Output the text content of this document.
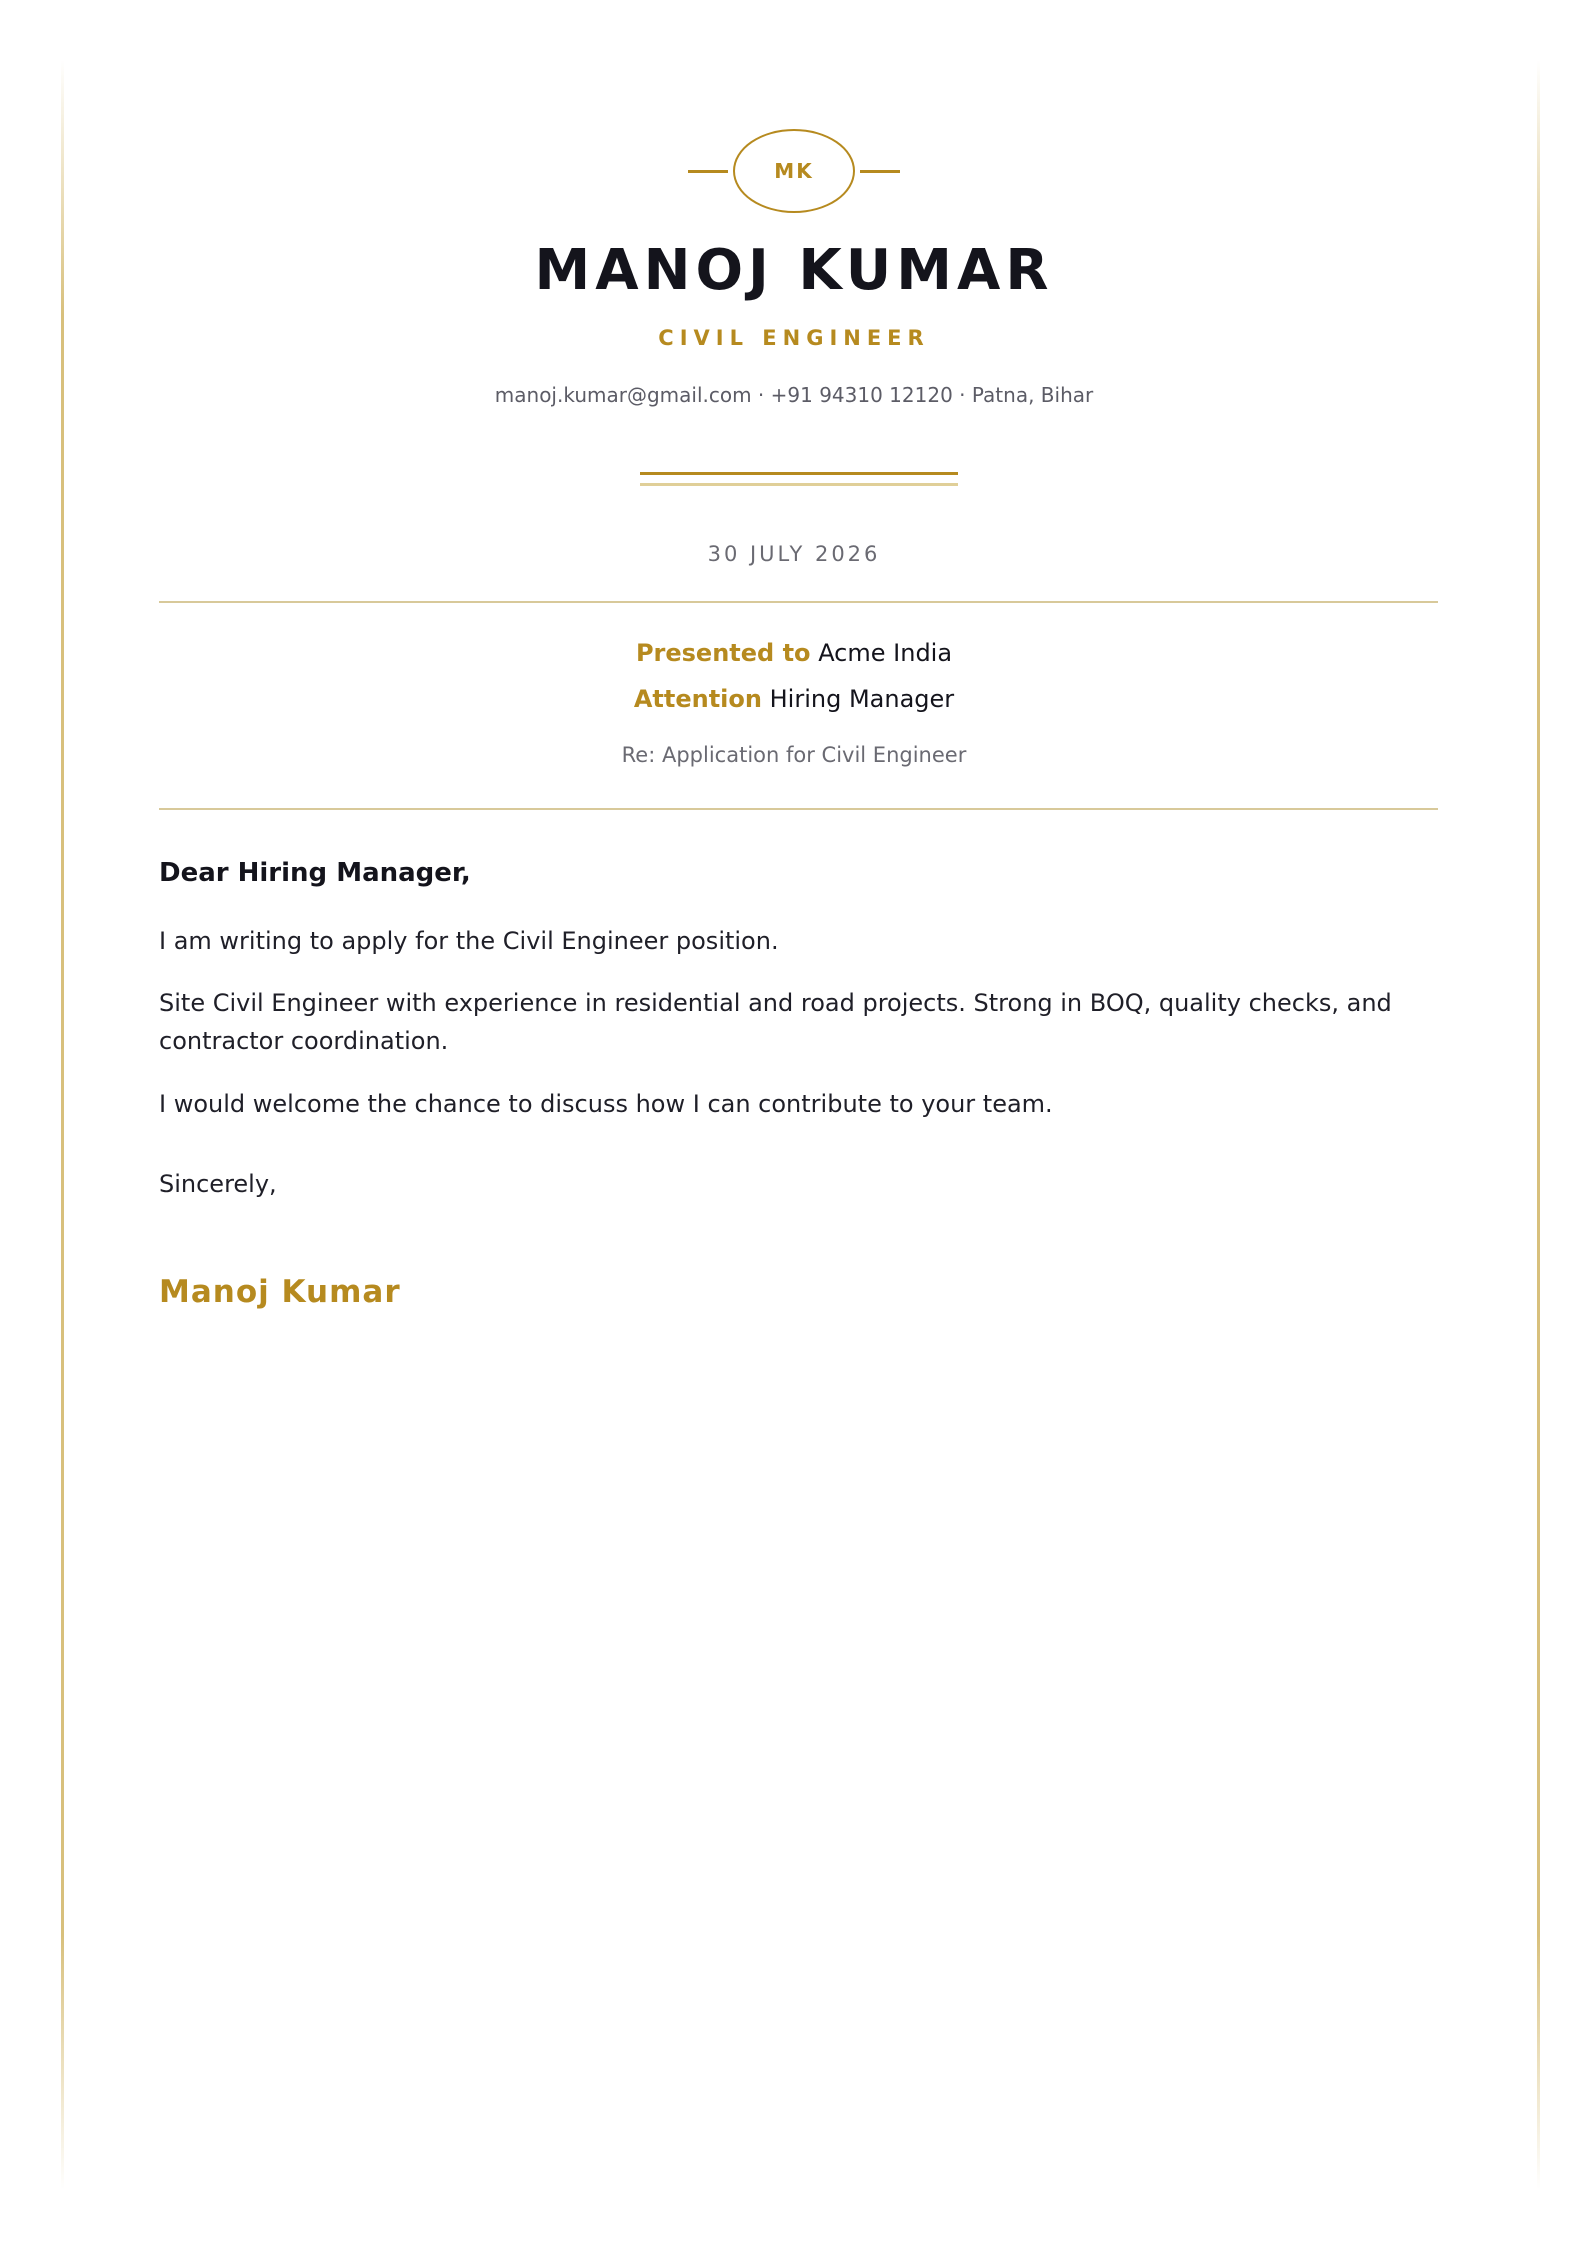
MK
MANOJ KUMAR
CIVIL ENGINEER
manoj.kumar@gmail.com · +91 94310 12120 · Patna, Bihar
30 JULY 2026
Presented to Acme India
Attention Hiring Manager
Re: Application for Civil Engineer
Dear Hiring Manager,
I am writing to apply for the Civil Engineer position.
Site Civil Engineer with experience in residential and road projects. Strong in BOQ, quality checks, and contractor coordination.
I would welcome the chance to discuss how I can contribute to your team.
Sincerely,
Manoj Kumar
